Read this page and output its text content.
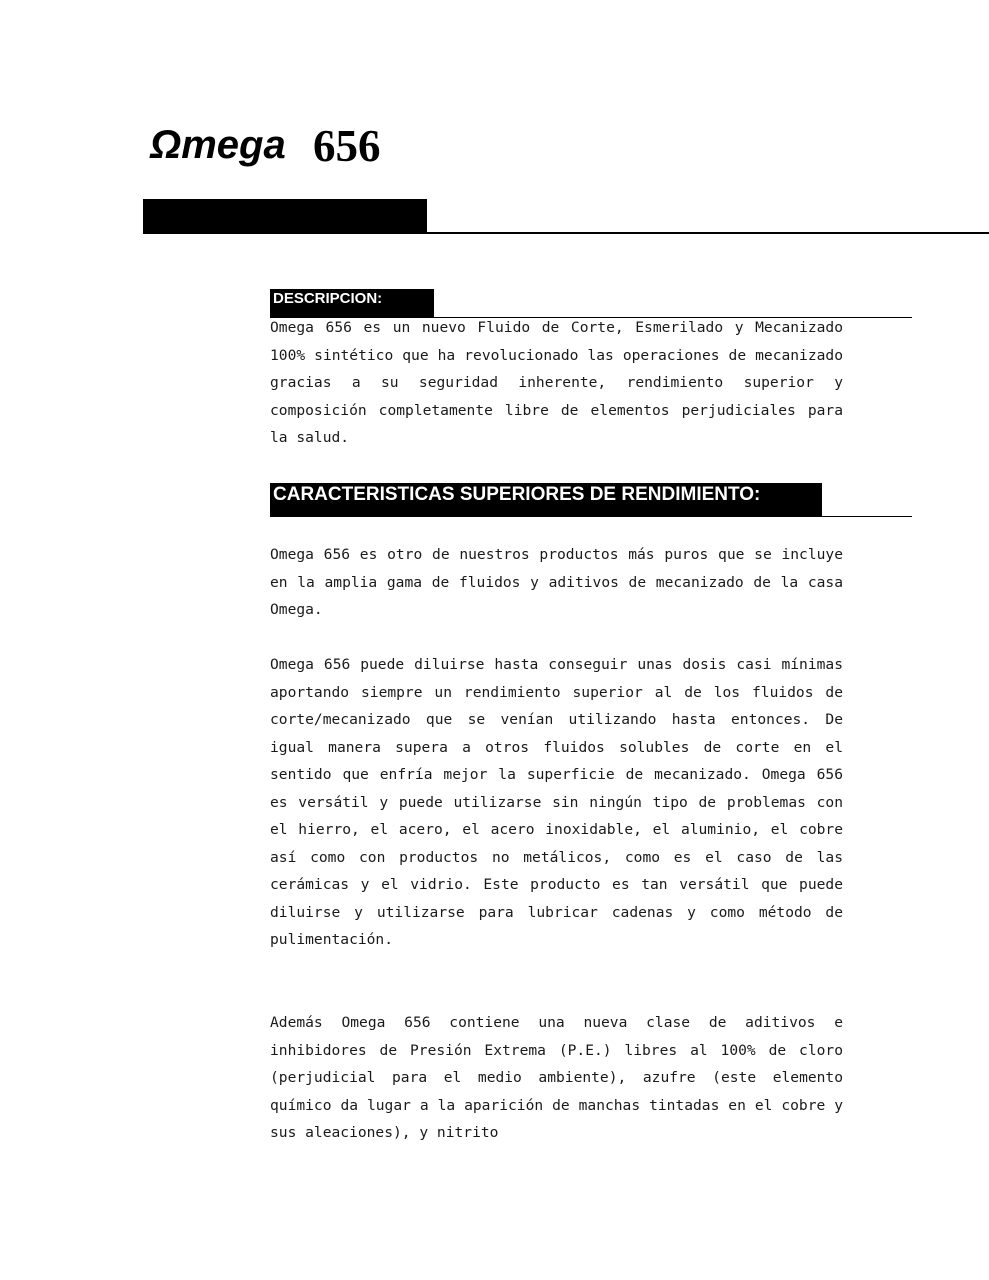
Ωmega 656
DESCRIPCION:

Omega 656 es un nuevo Fluido de Corte, Esmerilado y Mecanizado 100% sintético que ha revolucionado las operaciones de mecanizado gracias a su seguridad inherente, rendimiento superior y composición completamente libre de elementos perjudiciales para la salud.

CARACTERISTICAS SUPERIORES DE RENDIMIENTO:

Omega 656 es otro de nuestros productos más puros que se incluye en la amplia gama de fluidos y aditivos de mecanizado de la casa Omega.

Omega 656 puede diluirse hasta conseguir unas dosis casi mínimas aportando siempre un rendimiento superior al de los fluidos de corte/mecanizado que se venían utilizando hasta entonces. De igual manera supera a otros fluidos solubles de corte en el sentido que enfría mejor la superficie de mecanizado. Omega 656 es versátil y puede utilizarse sin ningún tipo de problemas con el hierro, el acero, el acero inoxidable, el aluminio, el cobre así como con productos no metálicos, como es el caso de las cerámicas y el vidrio. Este producto es tan versátil que puede diluirse y utilizarse para lubricar cadenas y como método de pulimentación.

Además Omega 656 contiene una nueva clase de aditivos e inhibidores de Presión Extrema (P.E.) libres al 100% de cloro (perjudicial para el medio ambiente), azufre (este elemento químico da lugar a la aparición de manchas tintadas en el cobre y sus aleaciones), y nitrito
